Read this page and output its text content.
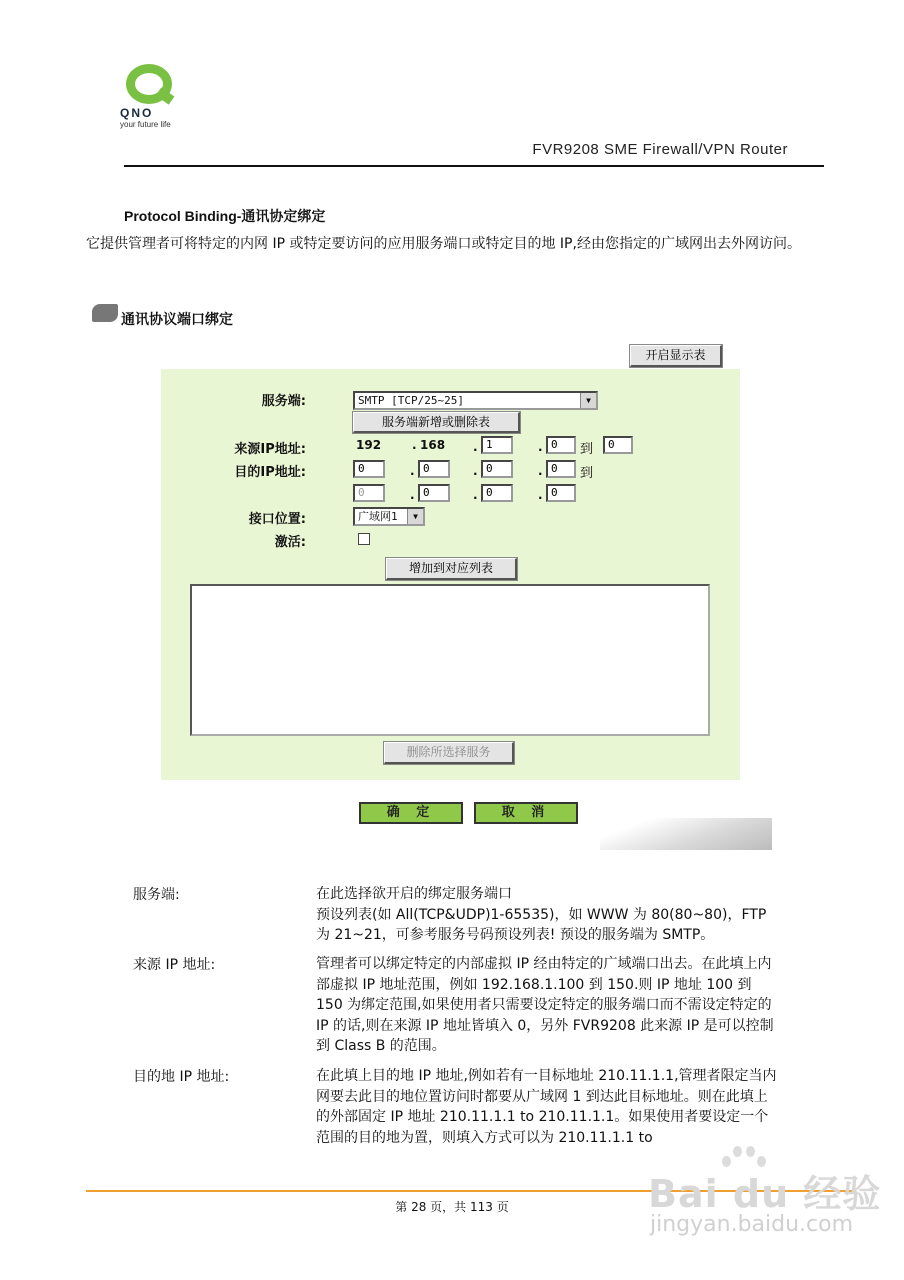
QNO
your future life
FVR9208 SME Firewall/VPN Router
Protocol Binding-通讯协定绑定
它提供管理者可将特定的内网 IP 或特定要访问的应用服务端口或特定目的地 IP,经由您指定的广域网出去外网访问。
通讯协议端口绑定
开启显示表
服务端:	SMTP [TCP/25~25]	▼
服务端新增或删除表
来源IP地址:	192	. 168 . 1	. 0	到	0
目的IP地址:	0	. 0	. 0	. 0	到
0	. 0	. 0	. 0
接口位置:	广域网1	▼
激活:
增加到对应列表
删除所选择服务
确 定	取 消
服务端:	在此选择欲开启的绑定服务端口
预设列表(如 All(TCP&UDP)1-65535)，如 WWW 为 80(80~80)，FTP 为 21~21，可参考服务号码预设列表! 预设的服务端为 SMTP。
来源 IP 地址:	管理者可以绑定特定的内部虚拟 IP 经由特定的广域端口出去。在此填上内部虚拟 IP 地址范围，例如 192.168.1.100 到 150.则 IP 地址 100 到 150 为绑定范围,如果使用者只需要设定特定的服务端口而不需设定特定的 IP 的话,则在来源 IP 地址皆填入 0，另外 FVR9208 此来源 IP 是可以控制到 Class B 的范围。
目的地 IP 地址:	在此填上目的地 IP 地址,例如若有一目标地址 210.11.1.1,管理者限定当内网要去此目的地位置访问时都要从广域网 1 到达此目标地址。则在此填上的外部固定 IP 地址 210.11.1.1 to 210.11.1.1。如果使用者要设定一个范围的目的地为置，则填入方式可以为 210.11.1.1 to
第 28 页，共 113 页	Bai du 经验
jingyan.baidu.com
